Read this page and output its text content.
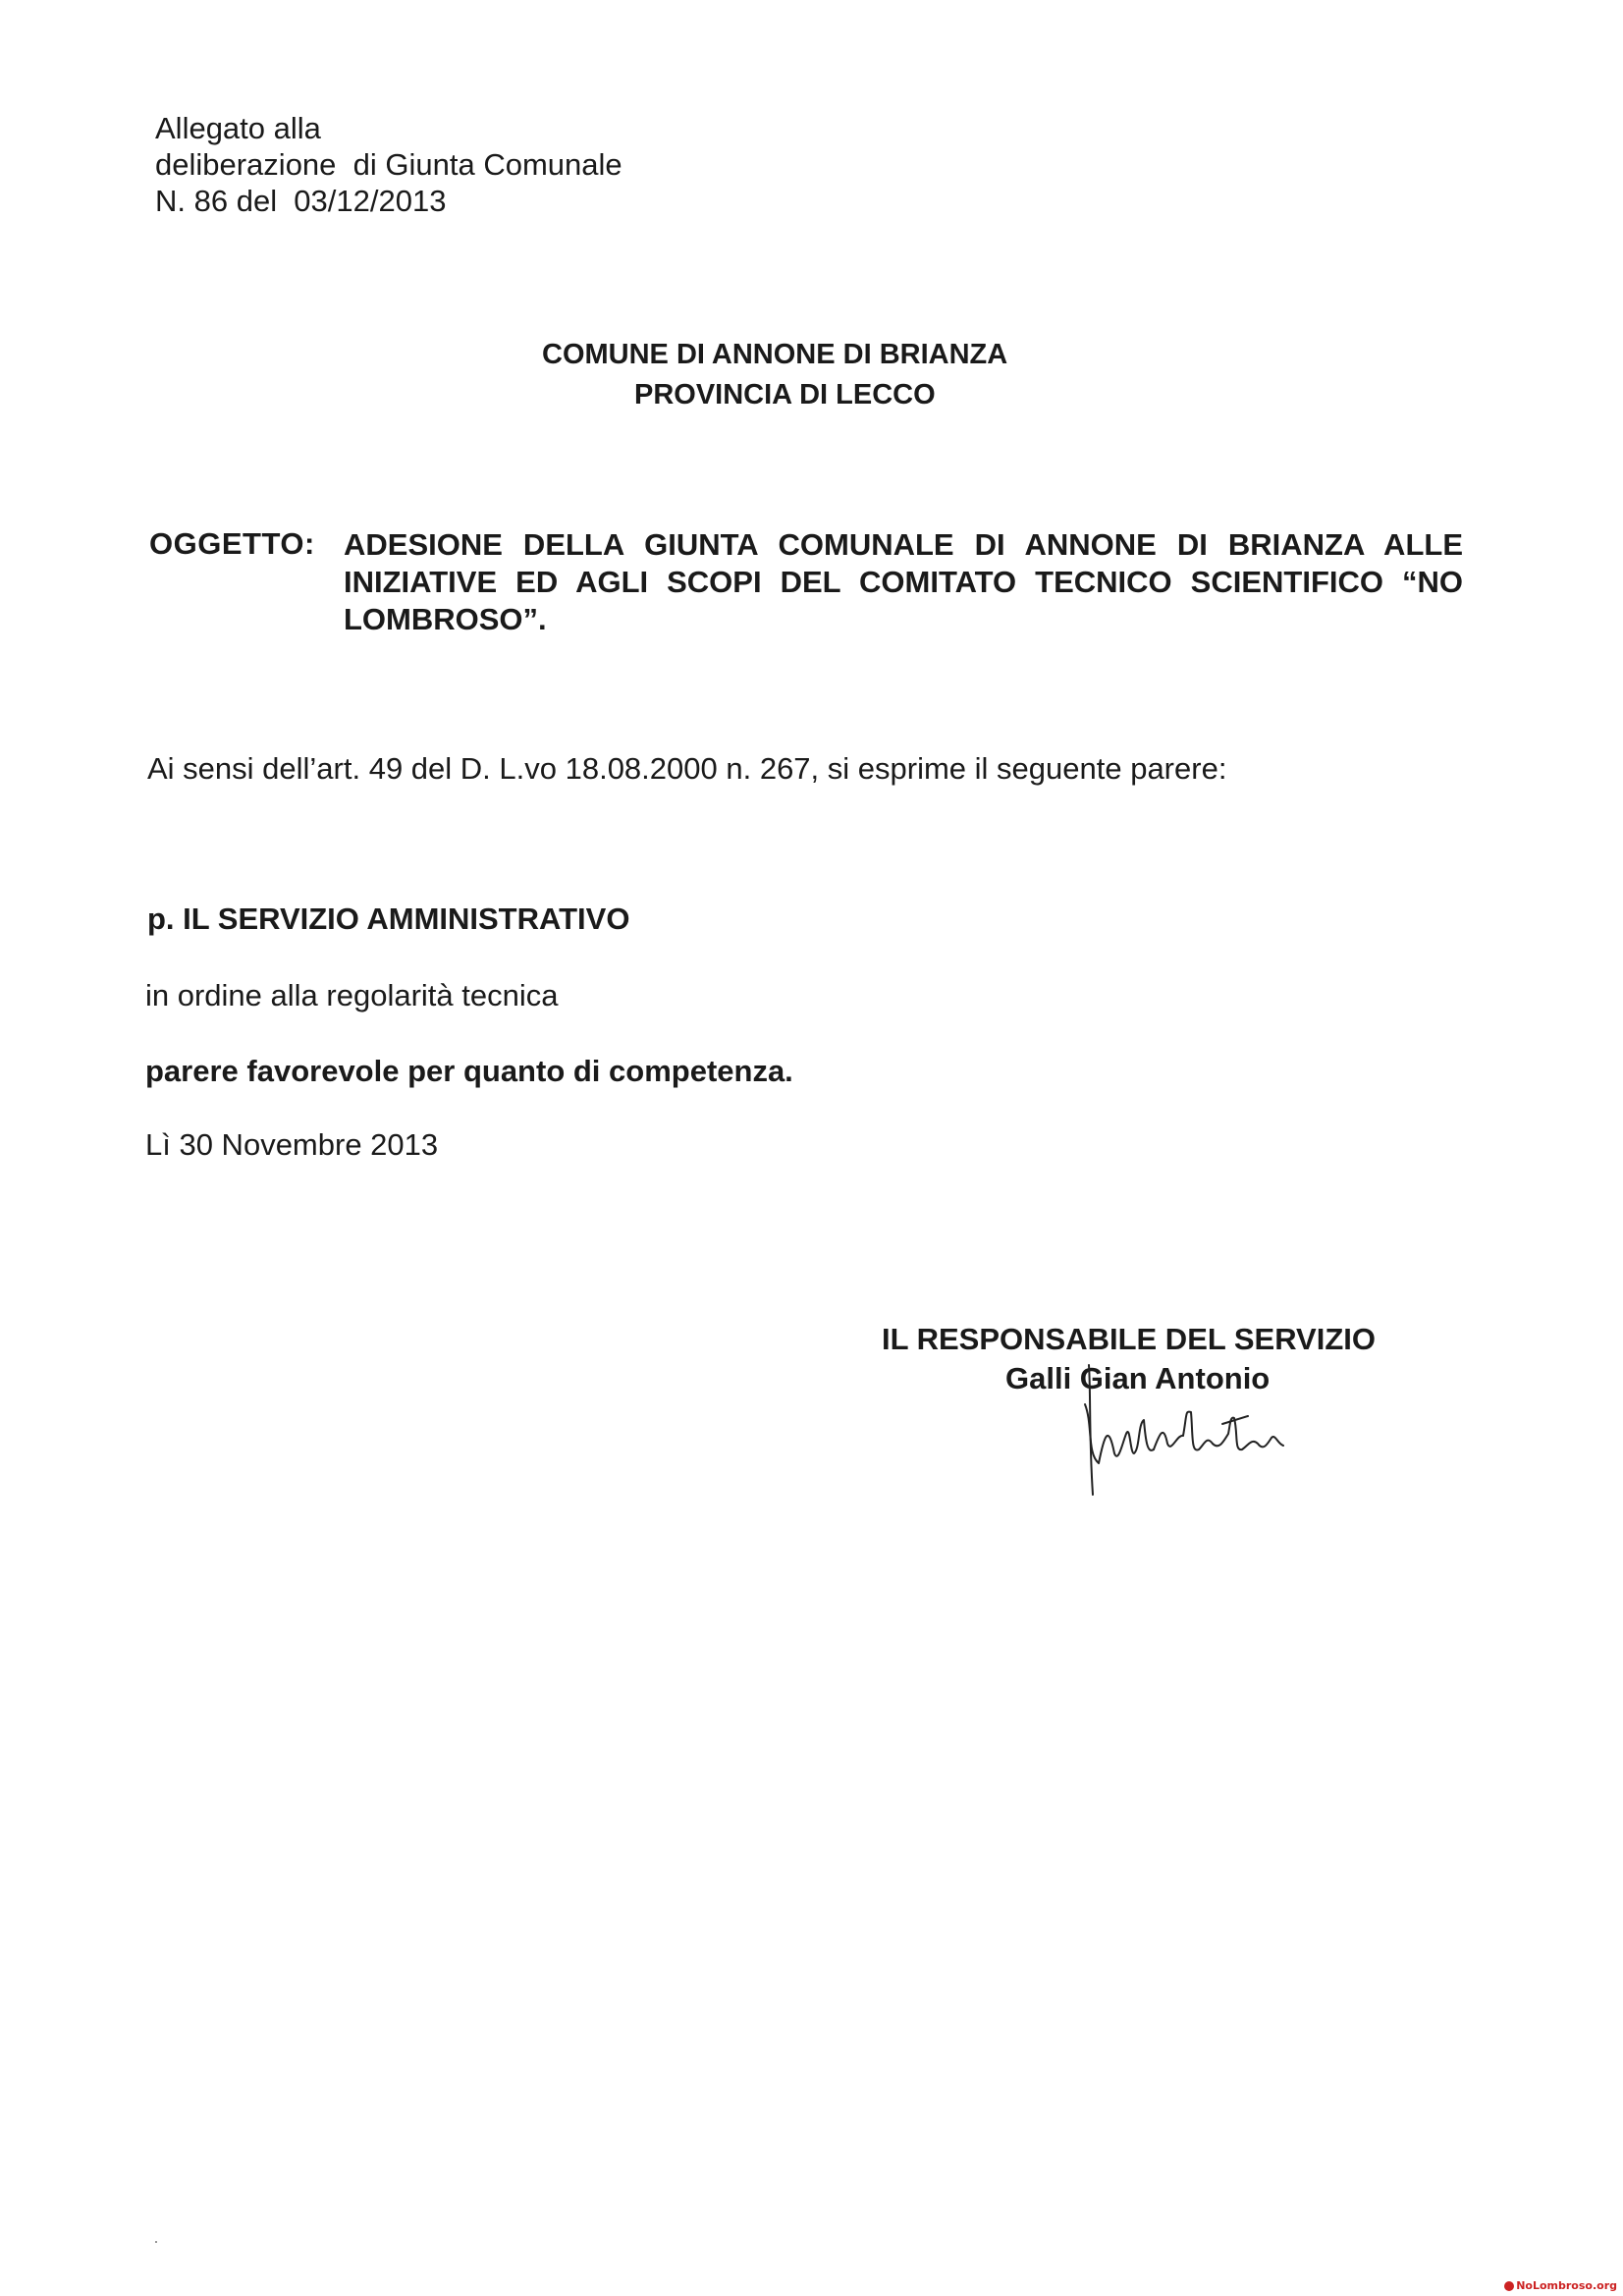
Allegato alla
deliberazione  di Giunta Comunale
N. 86 del  03/12/2013
COMUNE DI ANNONE DI BRIANZA
PROVINCIA DI LECCO
OGGETTO: ADESIONE DELLA GIUNTA COMUNALE DI ANNONE DI BRIANZA ALLE INIZIATIVE ED AGLI SCOPI DEL COMITATO TECNICO SCIENTIFICO “NO LOMBROSO”.
Ai sensi dell’art. 49 del D. L.vo 18.08.2000 n. 267, si esprime il seguente parere:
p. IL SERVIZIO AMMINISTRATIVO
in ordine alla regolarità tecnica
parere favorevole per quanto di competenza.
Lì 30 Novembre 2013
IL RESPONSABILE DEL SERVIZIO
Galli Gian Antonio
NoLombroso.org
